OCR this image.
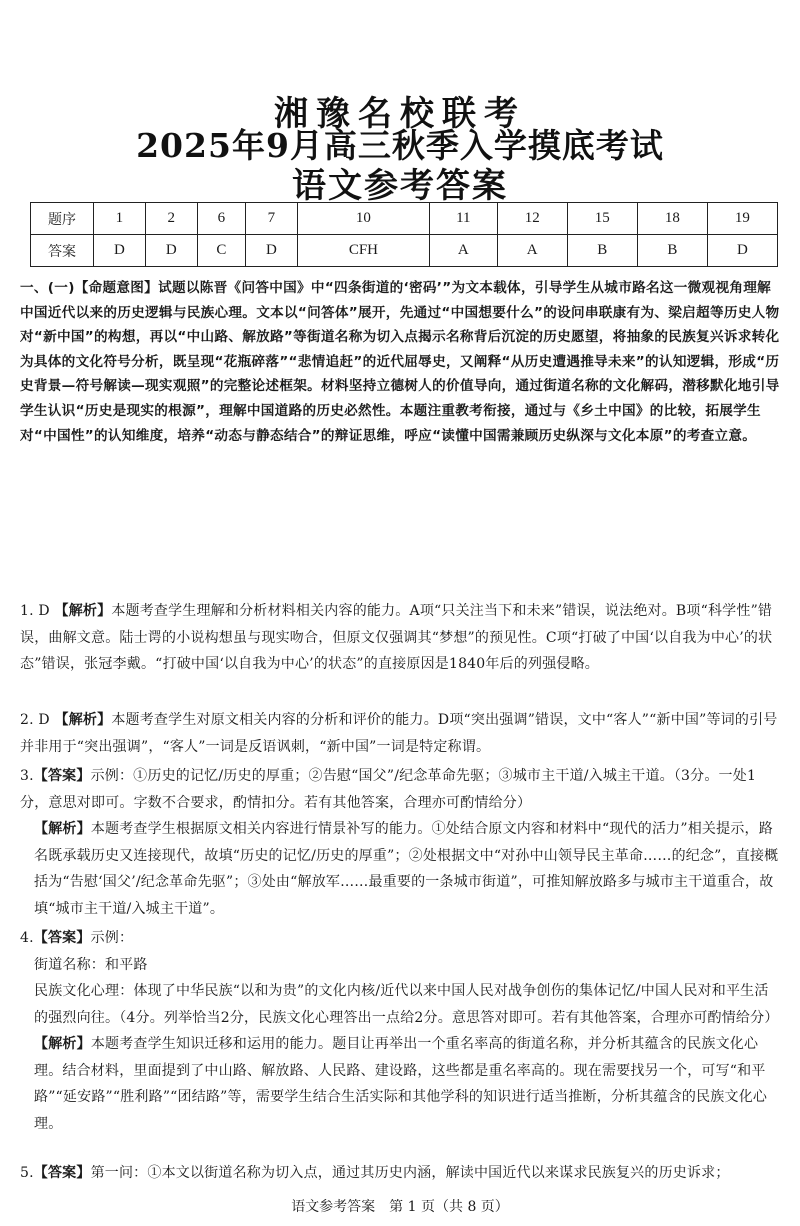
湘豫名校联考
2025年9月高三秋季入学摸底考试
语文参考答案
题序	1	2	6	7	10	11	12	15	18	19
答案	D	D	C	D	CFH	A	A	B	B	D
一、(一)【命题意图】试题以陈晋《问答中国》中“四条街道的‘密码’”为文本载体，引导学生从城市路名这一微观视角理解中国近代以来的历史逻辑与民族心理。文本以“问答体”展开，先通过“中国想要什么”的设问串联康有为、梁启超等历史人物对“新中国”的构想，再以“中山路、解放路”等街道名称为切入点揭示名称背后沉淀的历史愿望，将抽象的民族复兴诉求转化为具体的文化符号分析，既呈现“花瓶碎落”“悲情追赶”的近代屈辱史，又阐释“从历史遭遇推导未来”的认知逻辑，形成“历史背景—符号解读—现实观照”的完整论述框架。材料坚持立德树人的价值导向，通过街道名称的文化解码，潜移默化地引导学生认识“历史是现实的根源”，理解中国道路的历史必然性。本题注重教考衔接，通过与《乡土中国》的比较，拓展学生对“中国性”的认知维度，培养“动态与静态结合”的辩证思维，呼应“读懂中国需兼顾历史纵深与文化本原”的考查立意。
1. D 【解析】本题考查学生理解和分析材料相关内容的能力。A项“只关注当下和未来”错误，说法绝对。B项“科学性”错误，曲解文意。陆士谔的小说构想虽与现实吻合，但原文仅强调其“梦想”的预见性。C项“打破了中国‘以自我为中心’的状态”错误，张冠李戴。“打破中国‘以自我为中心’的状态”的直接原因是1840年后的列强侵略。
2. D 【解析】本题考查学生对原文相关内容的分析和评价的能力。D项“突出强调”错误，文中“客人”“新中国”等词的引号并非用于“突出强调”，“客人”一词是反语讽刺，“新中国”一词是特定称谓。
3.【答案】示例：①历史的记忆/历史的厚重；②告慰“国父”/纪念革命先驱；③城市主干道/入城主干道。（3分。一处1分，意思对即可。字数不合要求，酌情扣分。若有其他答案，合理亦可酌情给分）
【解析】本题考查学生根据原文相关内容进行情景补写的能力。①处结合原文内容和材料中“现代的活力”相关提示，路名既承载历史又连接现代，故填“历史的记忆/历史的厚重”；②处根据文中“对孙中山领导民主革命……的纪念”，直接概括为“告慰‘国父’/纪念革命先驱”；③处由“解放军……最重要的一条城市街道”，可推知解放路多与城市主干道重合，故填“城市主干道/入城主干道”。
4.【答案】示例：
街道名称：和平路
民族文化心理：体现了中华民族“以和为贵”的文化内核/近代以来中国人民对战争创伤的集体记忆/中国人民对和平生活的强烈向往。（4分。列举恰当2分，民族文化心理答出一点给2分。意思答对即可。若有其他答案，合理亦可酌情给分）
【解析】本题考查学生知识迁移和运用的能力。题目让再举出一个重名率高的街道名称，并分析其蕴含的民族文化心理。结合材料，里面提到了中山路、解放路、人民路、建设路，这些都是重名率高的。现在需要找另一个，可写“和平路”“延安路”“胜利路”“团结路”等，需要学生结合生活实际和其他学科的知识进行适当推断，分析其蕴含的民族文化心理。
5.【答案】第一问：①本文以街道名称为切入点，通过其历史内涵，解读中国近代以来谋求民族复兴的历史诉求；
语文参考答案　第 1 页（共 8 页）
